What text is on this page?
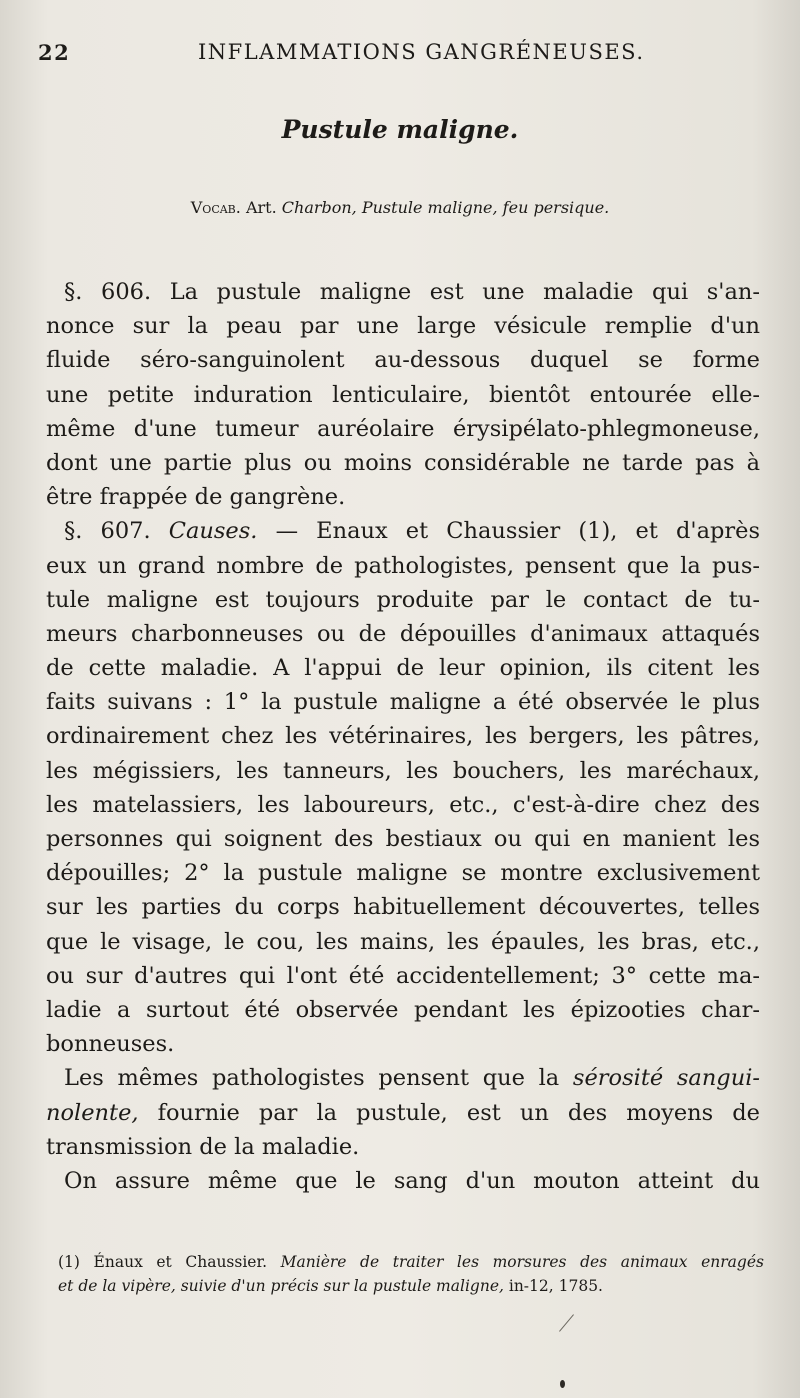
22	INFLAMMATIONS GANGRÉNEUSES.
Pustule maligne.
Vocab. Art. Charbon, Pustule maligne, feu persique.
§. 606. La pustule maligne est une maladie qui s'an-
nonce sur la peau par une large vésicule remplie d'un
fluide séro-sanguinolent au-dessous duquel se forme
une petite induration lenticulaire, bientôt entourée elle-
même d'une tumeur auréolaire érysipélato-phlegmoneuse,
dont une partie plus ou moins considérable ne tarde pas à
être frappée de gangrène.
§. 607. Causes. — Enaux et Chaussier (1), et d'après
eux un grand nombre de pathologistes, pensent que la pus-
tule maligne est toujours produite par le contact de tu-
meurs charbonneuses ou de dépouilles d'animaux attaqués
de cette maladie. A l'appui de leur opinion, ils citent les
faits suivans : 1° la pustule maligne a été observée le plus
ordinairement chez les vétérinaires, les bergers, les pâtres,
les mégissiers, les tanneurs, les bouchers, les maréchaux,
les matelassiers, les laboureurs, etc., c'est-à-dire chez des
personnes qui soignent des bestiaux ou qui en manient les
dépouilles; 2° la pustule maligne se montre exclusivement
sur les parties du corps habituellement découvertes, telles
que le visage, le cou, les mains, les épaules, les bras, etc.,
ou sur d'autres qui l'ont été accidentellement; 3° cette ma-
ladie a surtout été observée pendant les épizooties char-
bonneuses.
Les mêmes pathologistes pensent que la sérosité sangui-
nolente, fournie par la pustule, est un des moyens de
transmission de la maladie.
On assure même que le sang d'un mouton atteint du
(1) Énaux et Chaussier. Manière de traiter les morsures des animaux enragés
et de la vipère, suivie d'un précis sur la pustule maligne, in-12, 1785.
